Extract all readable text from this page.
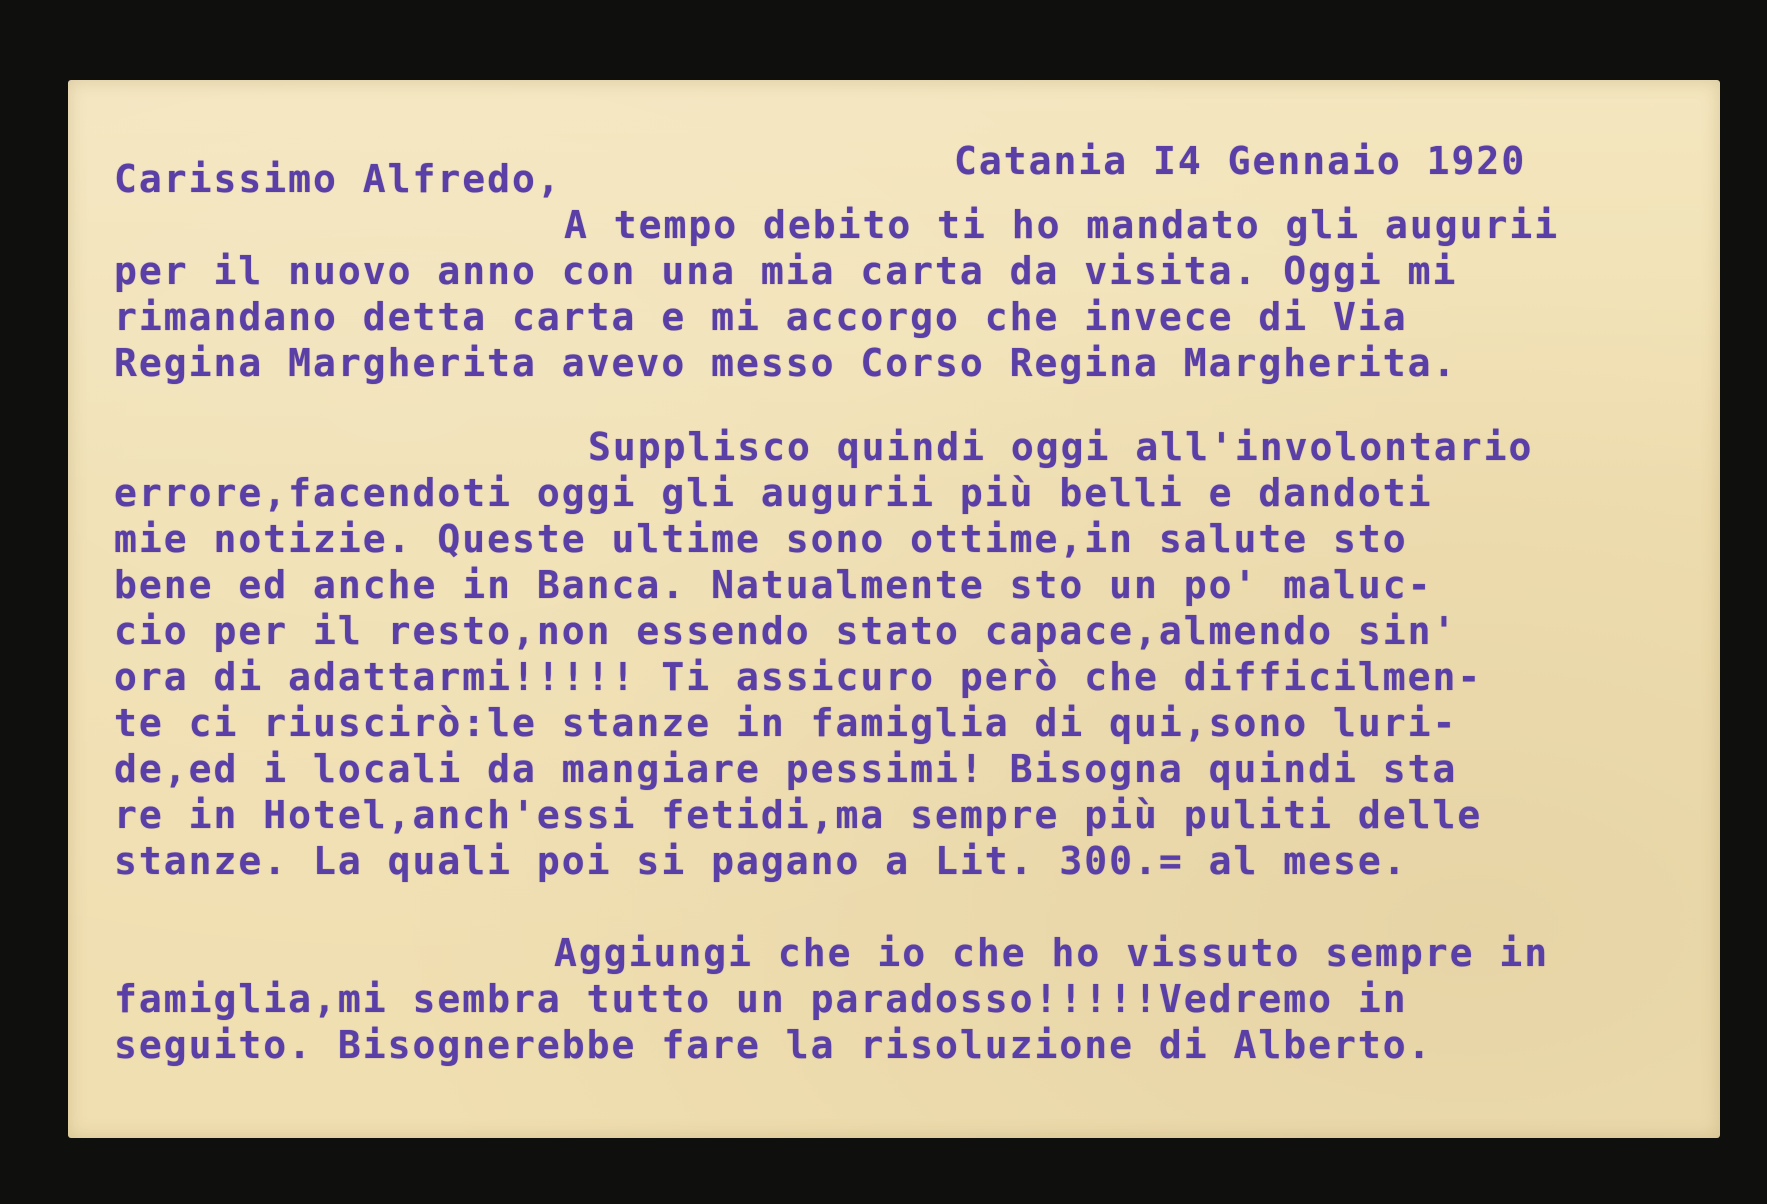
Catania I4 Gennaio 1920
Carissimo Alfredo,
A tempo debito ti ho mandato gli augurii
per il nuovo anno con una mia carta da visita. Oggi mi
rimandano detta carta e mi accorgo che invece di Via
Regina Margherita avevo messo Corso Regina Margherita.
Supplisco quindi oggi all'involontario
errore,facendoti oggi gli augurii più belli e dandoti
mie notizie. Queste ultime sono ottime,in salute sto
bene ed anche in Banca. Natualmente sto un po' maluc-
cio per il resto,non essendo stato capace,almendo sin'
ora di adattarmi!!!!! Ti assicuro però che difficilmen-
te ci riuscirò:le stanze in famiglia di qui,sono luri-
de,ed i locali da mangiare pessimi! Bisogna quindi sta
re in Hotel,anch'essi fetidi,ma sempre più puliti delle
stanze. La quali poi si pagano a Lit. 300.= al mese.
Aggiungi che io che ho vissuto sempre in
famiglia,mi sembra tutto un paradosso!!!!!Vedremo in
seguito. Bisognerebbe fare la risoluzione di Alberto.
